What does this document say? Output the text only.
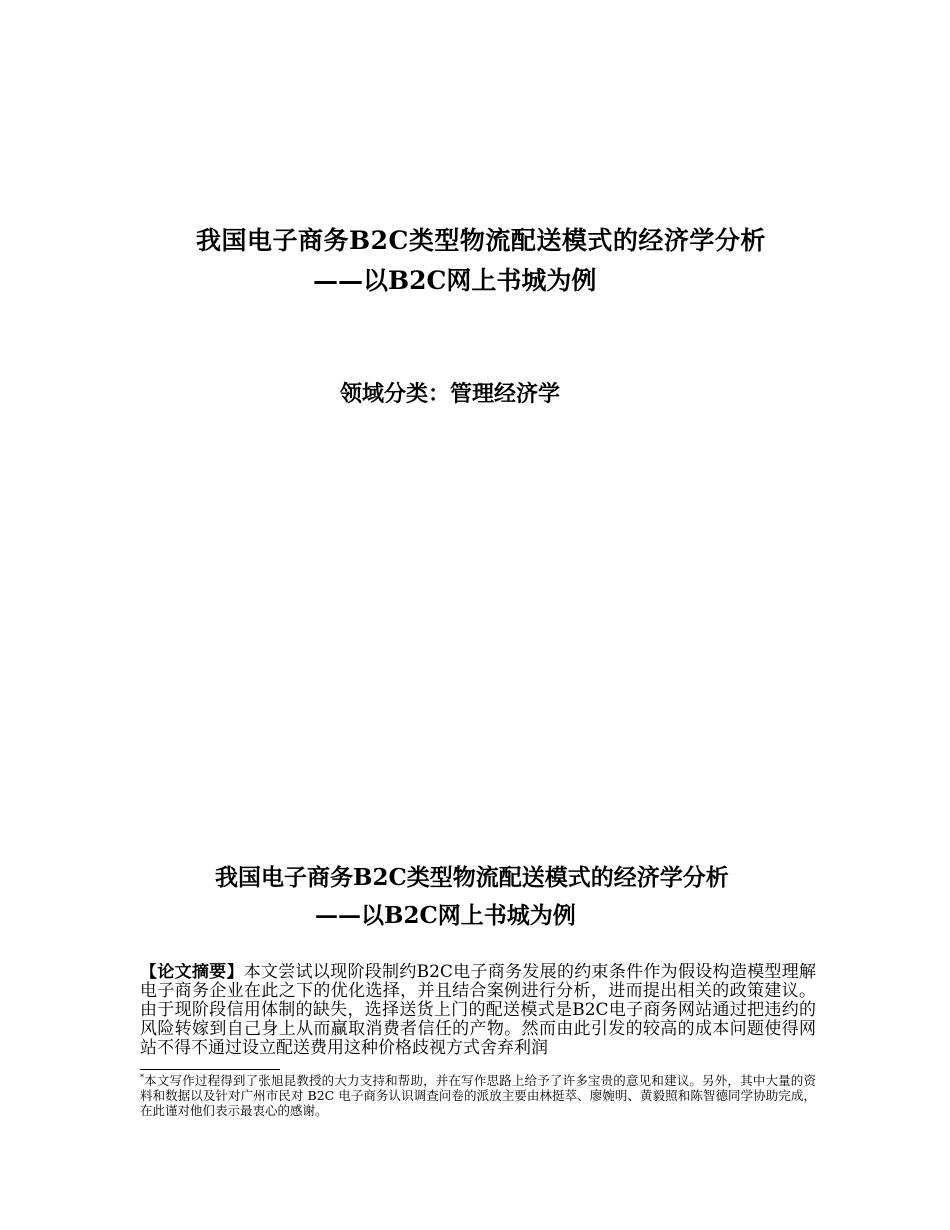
我国电子商务B2C类型物流配送模式的经济学分析
——以B2C网上书城为例
领域分类：管理经济学
我国电子商务B2C类型物流配送模式的经济学分析
——以B2C网上书城为例
【论文摘要】本文尝试以现阶段制约B2C电子商务发展的约束条件作为假设构造模型理解电子商务企业在此之下的优化选择，并且结合案例进行分析，进而提出相关的政策建议。由于现阶段信用体制的缺失，选择送货上门的配送模式是B2C电子商务网站通过把违约的风险转嫁到自己身上从而赢取消费者信任的产物。然而由此引发的较高的成本问题使得网站不得不通过设立配送费用这种价格歧视方式舍弃利润
*本文写作过程得到了张旭昆教授的大力支持和帮助，并在写作思路上给予了许多宝贵的意见和建议。另外，其中大量的资料和数据以及针对广州市民对 B2C 电子商务认识调查问卷的派放主要由林挺萃、廖婉明、黄毅照和陈智德同学协助完成，在此谨对他们表示最衷心的感谢。
